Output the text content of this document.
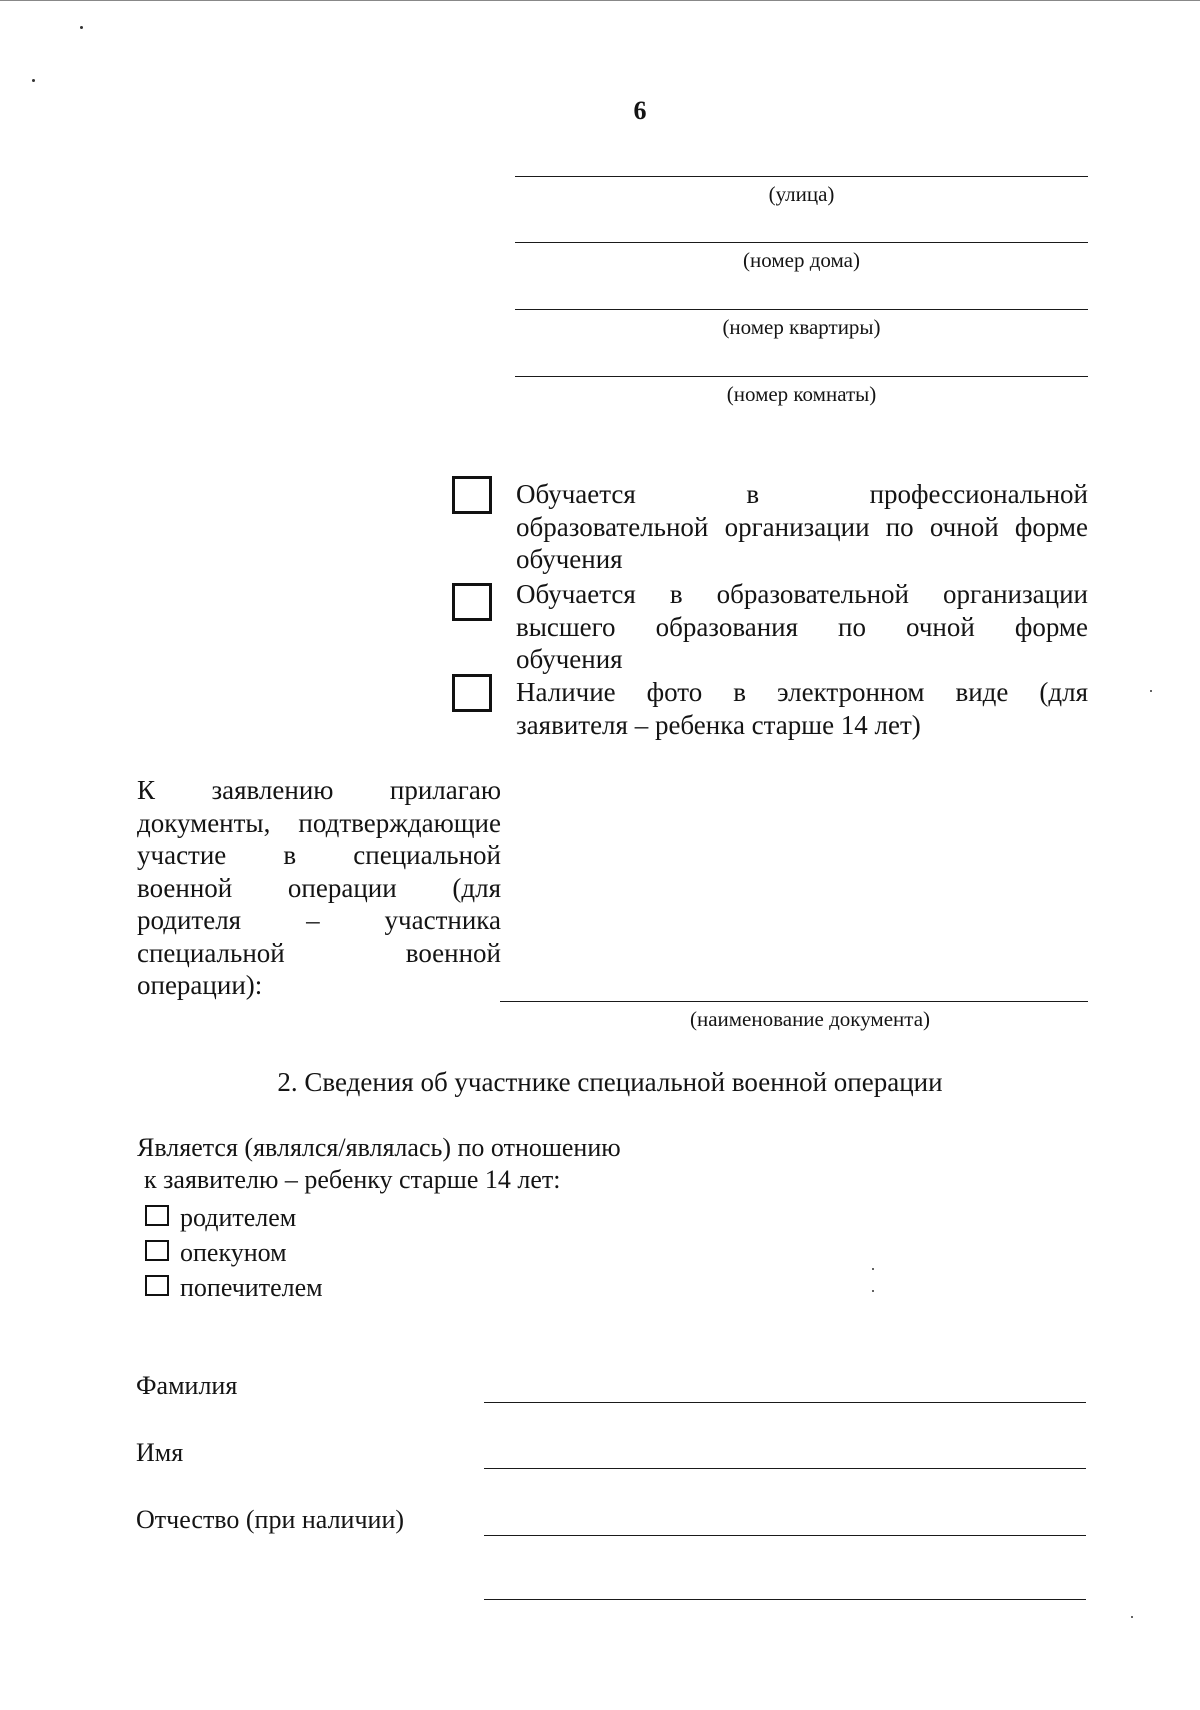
6
(улица)
(номер дома)
(номер квартиры)
(номер комнаты)
Обучается в профессиональной
образовательной организации по очной форме
обучения
Обучается в образовательной организации
высшего образования по очной форме
обучения
Наличие фото в электронном виде (для
заявителя – ребенка старше 14 лет)
К заявлению прилагаю
документы, подтверждающие
участие в специальной
военной операции (для
родителя – участника
специальной военной
операции):
(наименование документа)
2. Сведения об участнике специальной военной операции
Является (являлся/являлась) по отношению
к заявителю – ребенку старше 14 лет:
родителем
опекуном
попечителем
Фамилия
Имя
Отчество (при наличии)
